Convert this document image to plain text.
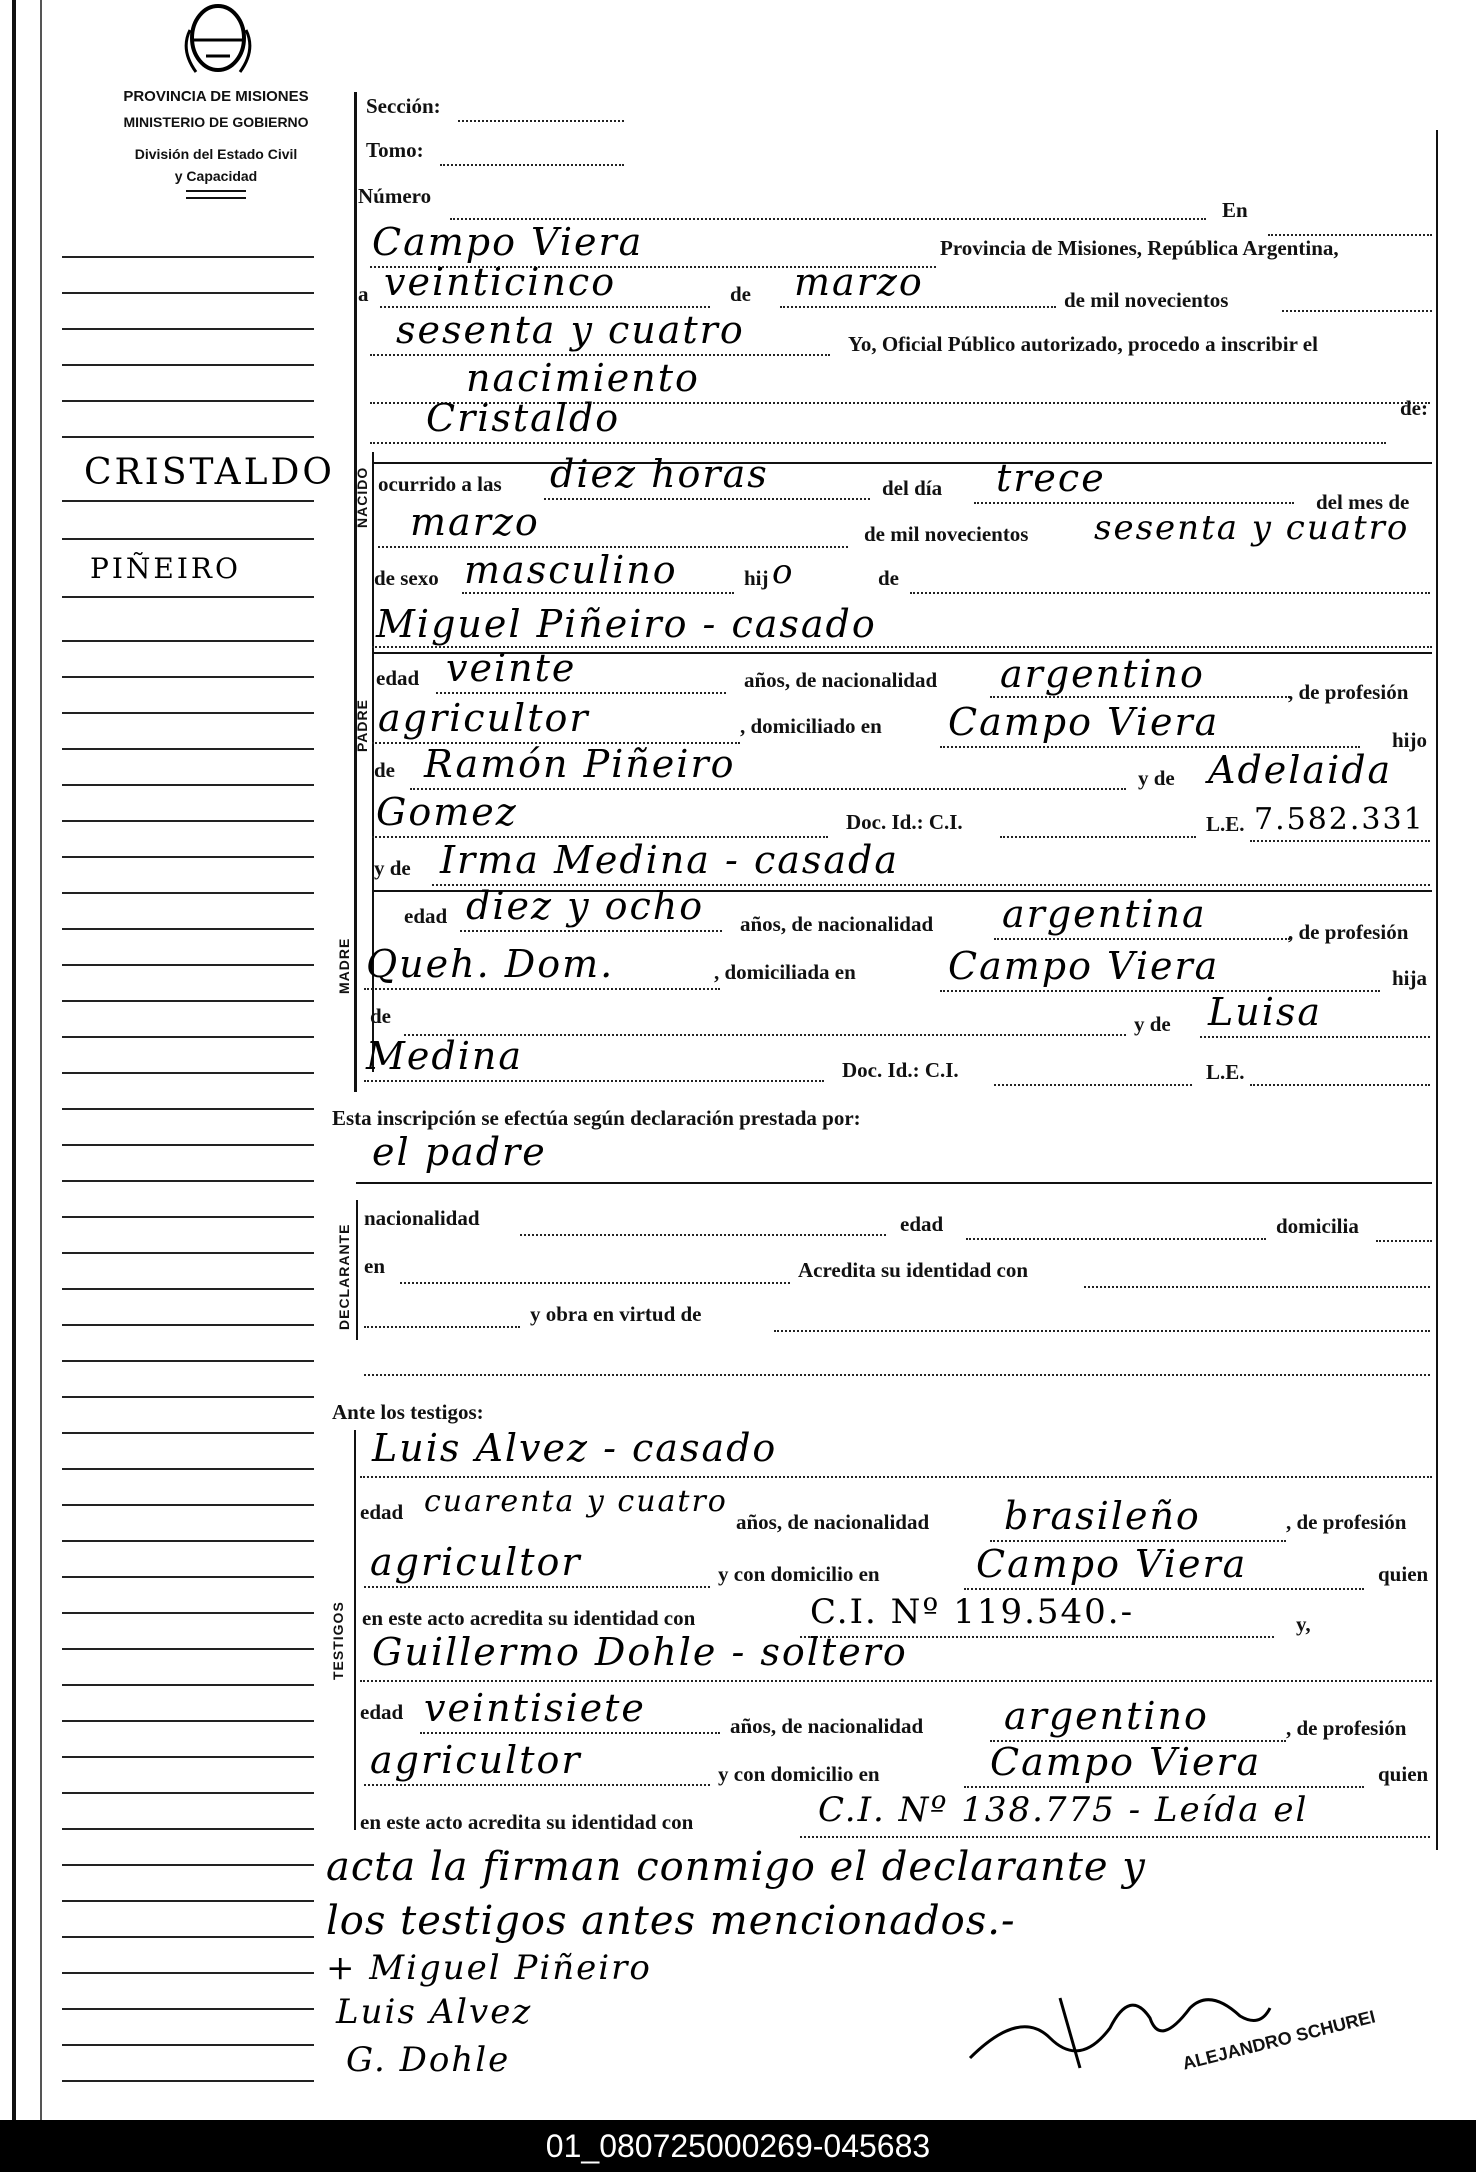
PROVINCIA DE MISIONES
MINISTERIO DE GOBIERNO
División del Estado Civil
y Capacidad
CRISTALDO
PIÑEIRO
NACIDO
PADRE
MADRE
DECLARANTE
TESTIGOS
Sección:
Tomo:
Número
En
Campo Viera	Provincia de Misiones, República Argentina,
a veinticinco	de marzo	de mil novecientos
sesenta y cuatro	Yo, Oficial Público autorizado, procedo a inscribir el
nacimiento
Cristaldo	de:
ocurrido a las diez horas	del día trece
del mes de
marzo	de mil novecientos sesenta y cuatro
de sexo masculino	hij o	de
Miguel Piñeiro - casado
edad veinte	años, de nacionalidad argentino	, de profesión
agricultor	, domiciliado en Campo Viera	hijo
de Ramón Piñeiro	y de Adelaida
Gomez	Doc. Id.: C.I.	L.E. 7.582.331
y de Irma Medina - casada
edad diez y ocho años, de nacionalidad argentina	, de profesión
Queh. Dom.	, domiciliada en Campo Viera	hija
de	y de Luisa
Medina	Doc. Id.: C.I.	L.E.
Esta inscripción se efectúa según declaración prestada por:
el padre
nacionalidad	edad	domicilia
en	Acredita su identidad con
y obra en virtud de
Ante los testigos:
Luis Alvez - casado
edad cuarenta y cuatro
años, de nacionalidad brasileño	, de profesión
agricultor	y con domicilio en	Campo Viera	quien
en este acto acredita su identidad con	C.I. Nº 119.540.-	y,
Guillermo Dohle - soltero
edad veintisiete	años, de nacionalidad argentino	, de profesión
agricultor	y con domicilio en	Campo Viera	quien
en este acto acredita su identidad con	C.I. Nº 138.775 - Leída el
acta la firman conmigo el declarante y
los testigos antes mencionados.-
+ Miguel Piñeiro
Luis Alvez
G. Dohle	ALEJANDRO SCHUREI
01_080725000269-045683
